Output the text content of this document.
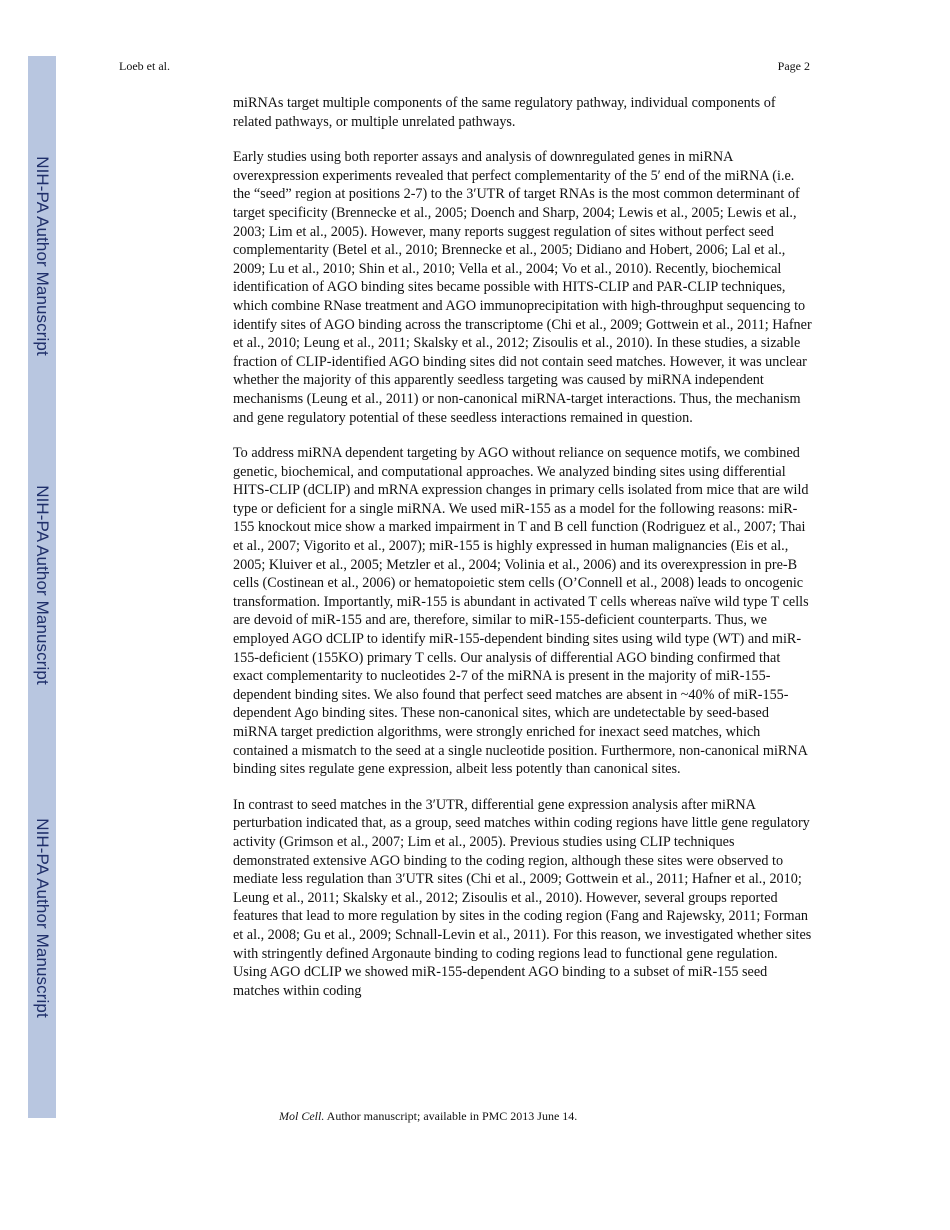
NIH-PA Author Manuscript
NIH-PA Author Manuscript
NIH-PA Author Manuscript
Loeb et al.	Page 2

miRNAs target multiple components of the same regulatory pathway, individual components of related pathways, or multiple unrelated pathways.

Early studies using both reporter assays and analysis of downregulated genes in miRNA overexpression experiments revealed that perfect complementarity of the 5′ end of the miRNA (i.e. the “seed” region at positions 2-7) to the 3′UTR of target RNAs is the most common determinant of target specificity (Brennecke et al., 2005; Doench and Sharp, 2004; Lewis et al., 2005; Lewis et al., 2003; Lim et al., 2005). However, many reports suggest regulation of sites without perfect seed complementarity (Betel et al., 2010; Brennecke et al., 2005; Didiano and Hobert, 2006; Lal et al., 2009; Lu et al., 2010; Shin et al., 2010; Vella et al., 2004; Vo et al., 2010). Recently, biochemical identification of AGO binding sites became possible with HITS-CLIP and PAR-CLIP techniques, which combine RNase treatment and AGO immunoprecipitation with high-throughput sequencing to identify sites of AGO binding across the transcriptome (Chi et al., 2009; Gottwein et al., 2011; Hafner et al., 2010; Leung et al., 2011; Skalsky et al., 2012; Zisoulis et al., 2010). In these studies, a sizable fraction of CLIP-identified AGO binding sites did not contain seed matches. However, it was unclear whether the majority of this apparently seedless targeting was caused by miRNA independent mechanisms (Leung et al., 2011) or non-canonical miRNA-target interactions. Thus, the mechanism and gene regulatory potential of these seedless interactions remained in question.

To address miRNA dependent targeting by AGO without reliance on sequence motifs, we combined genetic, biochemical, and computational approaches. We analyzed binding sites using differential HITS-CLIP (dCLIP) and mRNA expression changes in primary cells isolated from mice that are wild type or deficient for a single miRNA. We used miR-155 as a model for the following reasons: miR-155 knockout mice show a marked impairment in T and B cell function (Rodriguez et al., 2007; Thai et al., 2007; Vigorito et al., 2007); miR-155 is highly expressed in human malignancies (Eis et al., 2005; Kluiver et al., 2005; Metzler et al., 2004; Volinia et al., 2006) and its overexpression in pre-B cells (Costinean et al., 2006) or hematopoietic stem cells (O’Connell et al., 2008) leads to oncogenic transformation. Importantly, miR-155 is abundant in activated T cells whereas naïve wild type T cells are devoid of miR-155 and are, therefore, similar to miR-155-deficient counterparts. Thus, we employed AGO dCLIP to identify miR-155-dependent binding sites using wild type (WT) and miR-155-deficient (155KO) primary T cells. Our analysis of differential AGO binding confirmed that exact complementarity to nucleotides 2-7 of the miRNA is present in the majority of miR-155-dependent binding sites. We also found that perfect seed matches are absent in ~40% of miR-155-dependent Ago binding sites. These non-canonical sites, which are undetectable by seed-based miRNA target prediction algorithms, were strongly enriched for inexact seed matches, which contained a mismatch to the seed at a single nucleotide position. Furthermore, non-canonical miRNA binding sites regulate gene expression, albeit less potently than canonical sites.

In contrast to seed matches in the 3′UTR, differential gene expression analysis after miRNA perturbation indicated that, as a group, seed matches within coding regions have little gene regulatory activity (Grimson et al., 2007; Lim et al., 2005). Previous studies using CLIP techniques demonstrated extensive AGO binding to the coding region, although these sites were observed to mediate less regulation than 3′UTR sites (Chi et al., 2009; Gottwein et al., 2011; Hafner et al., 2010; Leung et al., 2011; Skalsky et al., 2012; Zisoulis et al., 2010). However, several groups reported features that lead to more regulation by sites in the coding region (Fang and Rajewsky, 2011; Forman et al., 2008; Gu et al., 2009; Schnall-Levin et al., 2011). For this reason, we investigated whether sites with stringently defined Argonaute binding to coding regions lead to functional gene regulation. Using AGO dCLIP we showed miR-155-dependent AGO binding to a subset of miR-155 seed matches within coding

Mol Cell. Author manuscript; available in PMC 2013 June 14.
